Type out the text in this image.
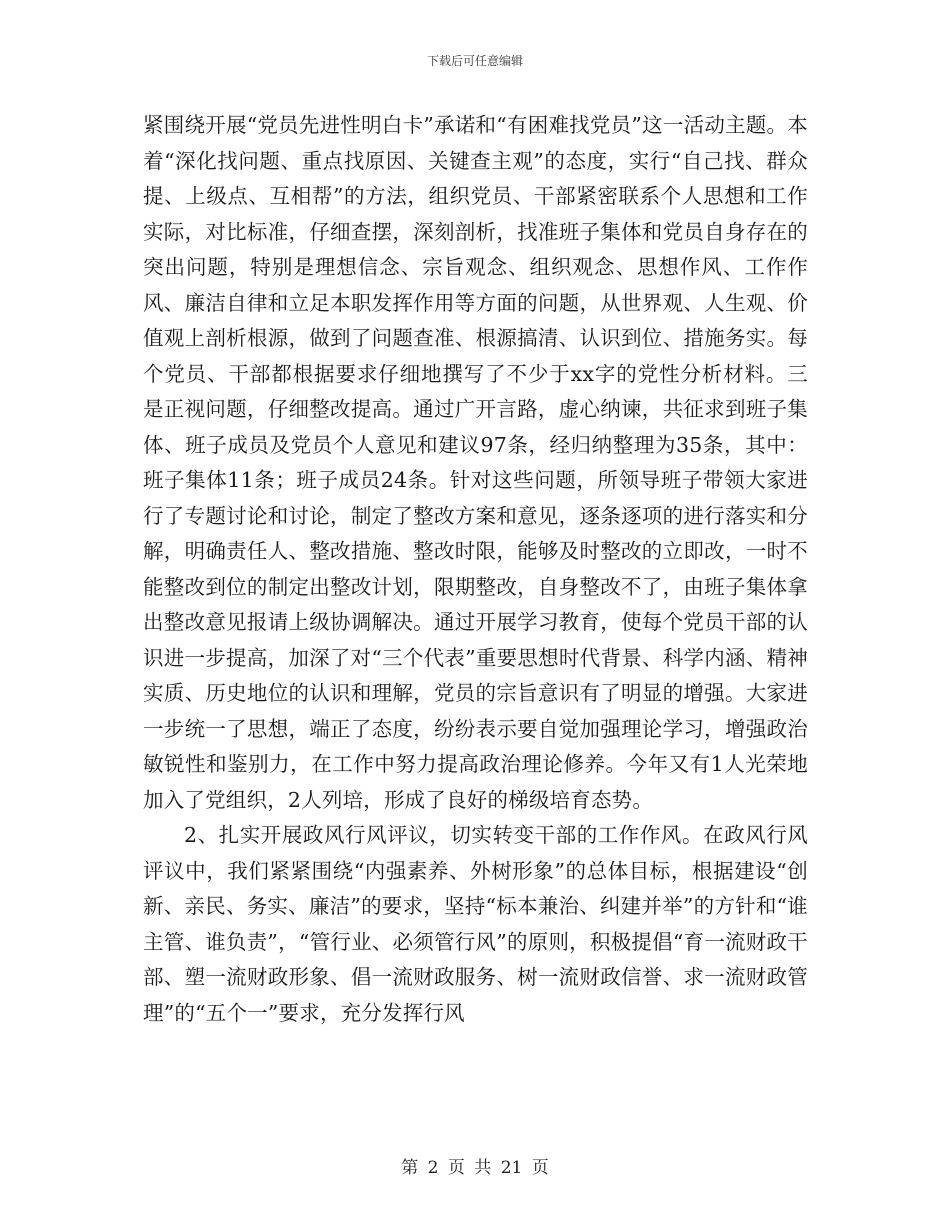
下载后可任意编辑

紧围绕开展“党员先进性明白卡”承诺和“有困难找党员”这一活动主题。本着“深化找问题、重点找原因、关键查主观”的态度，实行“自己找、群众提、上级点、互相帮”的方法，组织党员、干部紧密联系个人思想和工作实际，对比标准，仔细查摆，深刻剖析，找准班子集体和党员自身存在的突出问题，特别是理想信念、宗旨观念、组织观念、思想作风、工作作风、廉洁自律和立足本职发挥作用等方面的问题，从世界观、人生观、价值观上剖析根源，做到了问题查准、根源搞清、认识到位、措施务实。每个党员、干部都根据要求仔细地撰写了不少于xx字的党性分析材料。三是正视问题，仔细整改提高。通过广开言路，虚心纳谏，共征求到班子集体、班子成员及党员个人意见和建议97条，经归纳整理为35条，其中：班子集体11条；班子成员24条。针对这些问题，所领导班子带领大家进行了专题讨论和讨论，制定了整改方案和意见，逐条逐项的进行落实和分解，明确责任人、整改措施、整改时限，能够及时整改的立即改，一时不能整改到位的制定出整改计划，限期整改，自身整改不了，由班子集体拿出整改意见报请上级协调解决。通过开展学习教育，使每个党员干部的认识进一步提高，加深了对“三个代表”重要思想时代背景、科学内涵、精神实质、历史地位的认识和理解，党员的宗旨意识有了明显的增强。大家进一步统一了思想，端正了态度，纷纷表示要自觉加强理论学习，增强政治敏锐性和鉴别力，在工作中努力提高政治理论修养。今年又有1人光荣地加入了党组织，2人列培，形成了良好的梯级培育态势。

2、扎实开展政风行风评议，切实转变干部的工作作风。在政风行风评议中，我们紧紧围绕“内强素养、外树形象”的总体目标，根据建设“创新、亲民、务实、廉洁”的要求，坚持“标本兼治、纠建并举”的方针和“谁主管、谁负责”，“管行业、必须管行风”的原则，积极提倡“育一流财政干部、塑一流财政形象、倡一流财政服务、树一流财政信誉、求一流财政管理”的“五个一”要求，充分发挥行风

第 2 页 共 21 页
